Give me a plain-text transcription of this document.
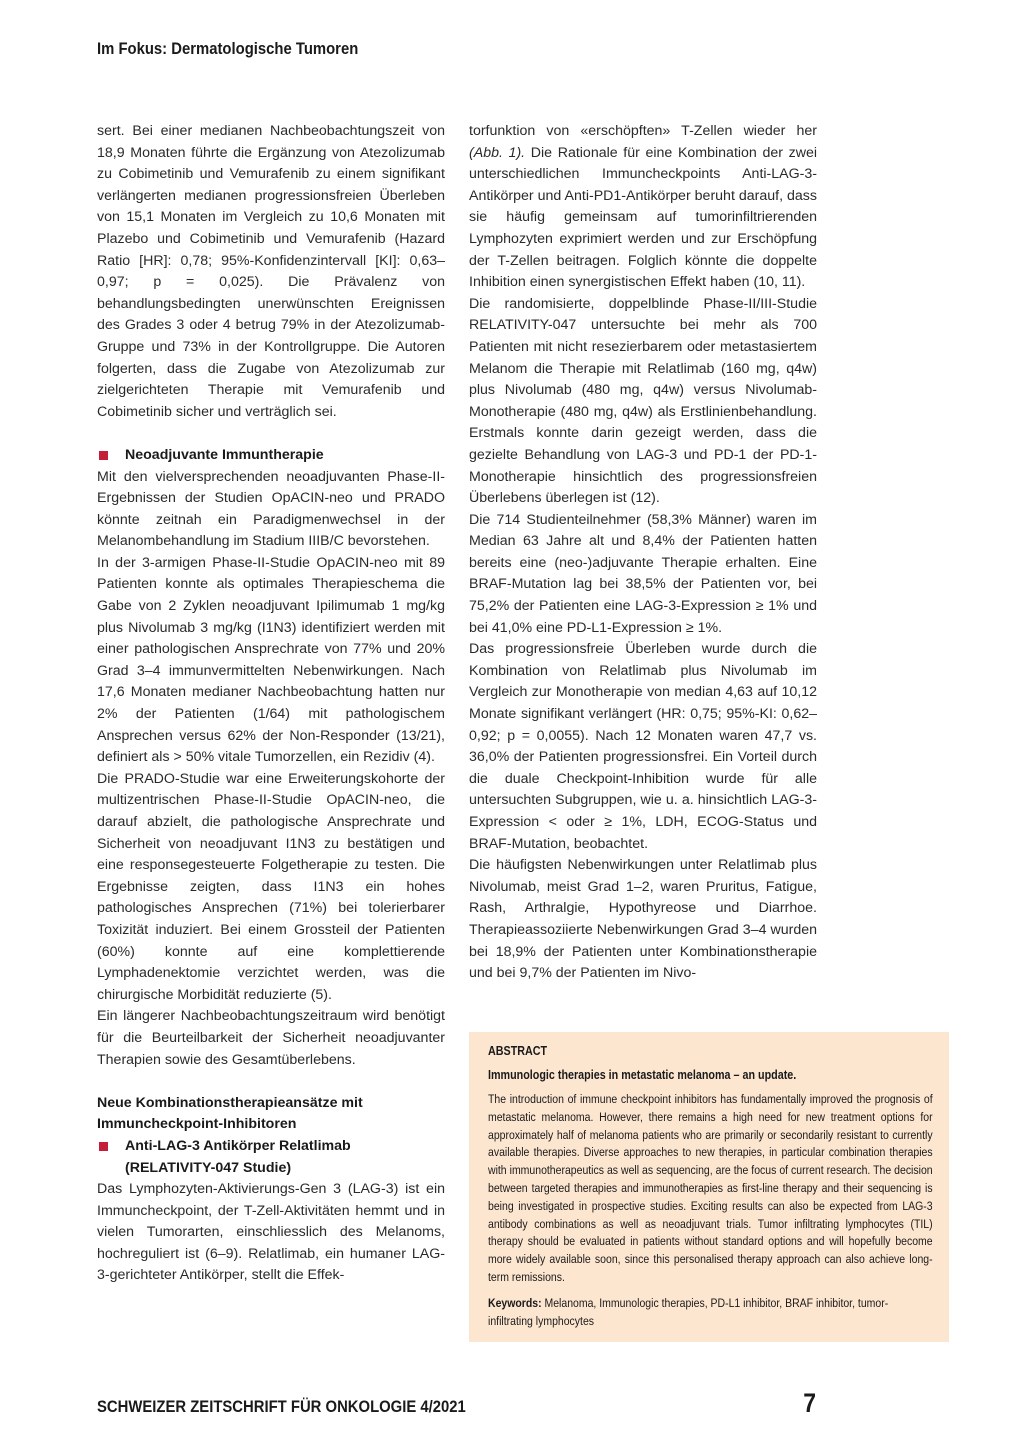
Im Fokus: Dermatologische Tumoren

sert. Bei einer medianen Nachbeobachtungszeit von 18,9 Monaten führte die Ergänzung von Atezolizumab zu Cobimetinib und Vemurafenib zu einem signifikant verlängerten medianen progressionsfreien Überleben von 15,1 Monaten im Vergleich zu 10,6 Monaten mit Plazebo und Cobimetinib und Vemurafenib (Hazard Ratio [HR]: 0,78; 95%-Konfidenzintervall [KI]: 0,63–0,97; p = 0,025). Die Prävalenz von behandlungsbedingten unerwünschten Ereignissen des Grades 3 oder 4 betrug 79% in der Atezolizumab-Gruppe und 73% in der Kontrollgruppe. Die Autoren folgerten, dass die Zugabe von Atezolizumab zur zielgerichteten Therapie mit Vemurafenib und Cobimetinib sicher und verträglich sei.

Neoadjuvante Immuntherapie

Mit den vielversprechenden neoadjuvanten Phase-II-Ergebnissen der Studien OpACIN-neo und PRADO könnte zeitnah ein Paradigmenwechsel in der Melanombehandlung im Stadium IIIB/C bevorstehen.

In der 3-armigen Phase-II-Studie OpACIN-neo mit 89 Patienten konnte als optimales Therapieschema die Gabe von 2 Zyklen neoadjuvant Ipilimumab 1 mg/kg plus Nivolumab 3 mg/kg (I1N3) identifiziert werden mit einer pathologischen Ansprechrate von 77% und 20% Grad 3–4 immunvermittelten Nebenwirkungen. Nach 17,6 Monaten medianer Nachbeobachtung hatten nur 2% der Patienten (1/64) mit pathologischem Ansprechen versus 62% der Non-Responder (13/21), definiert als > 50% vitale Tumorzellen, ein Rezidiv (4).

Die PRADO-Studie war eine Erweiterungskohorte der multizentrischen Phase-II-Studie OpACIN-neo, die darauf abzielt, die pathologische Ansprechrate und Sicherheit von neoadjuvant I1N3 zu bestätigen und eine responsegesteuerte Folgetherapie zu testen. Die Ergebnisse zeigten, dass I1N3 ein hohes pathologisches Ansprechen (71%) bei tolerierbarer Toxizität induziert. Bei einem Grossteil der Patienten (60%) konnte auf eine komplettierende Lymphadenektomie verzichtet werden, was die chirurgische Morbidität reduzierte (5).

Ein längerer Nachbeobachtungszeitraum wird benötigt für die Beurteilbarkeit der Sicherheit neoadjuvanter Therapien sowie des Gesamtüberlebens.

Neue Kombinationstherapieansätze mit Immuncheckpoint-Inhibitoren
Anti-LAG-3 Antikörper Relatlimab
(RELATIVITY-047 Studie)

Das Lymphozyten-Aktivierungs-Gen 3 (LAG-3) ist ein Immuncheckpoint, der T-Zell-Aktivitäten hemmt und in vielen Tumorarten, einschliesslich des Melanoms, hochreguliert ist (6–9). Relatlimab, ein humaner LAG-3-gerichteter Antikörper, stellt die Effek-

torfunktion von «erschöpften» T-Zellen wieder her (Abb. 1). Die Rationale für eine Kombination der zwei unterschiedlichen Immuncheckpoints Anti-LAG-3-Antikörper und Anti-PD1-Antikörper beruht darauf, dass sie häufig gemeinsam auf tumorinfiltrierenden Lymphozyten exprimiert werden und zur Erschöpfung der T-Zellen beitragen. Folglich könnte die doppelte Inhibition einen synergistischen Effekt haben (10, 11).

Die randomisierte, doppelblinde Phase-II/III-Studie RELATIVITY-047 untersuchte bei mehr als 700 Patienten mit nicht resezierbarem oder metastasiertem Melanom die Therapie mit Relatlimab (160 mg, q4w) plus Nivolumab (480 mg, q4w) versus Nivolumab-Monotherapie (480 mg, q4w) als Erstlinienbehandlung. Erstmals konnte darin gezeigt werden, dass die gezielte Behandlung von LAG-3 und PD-1 der PD-1-Monotherapie hinsichtlich des progressionsfreien Überlebens überlegen ist (12).

Die 714 Studienteilnehmer (58,3% Männer) waren im Median 63 Jahre alt und 8,4% der Patienten hatten bereits eine (neo-)adjuvante Therapie erhalten. Eine BRAF-Mutation lag bei 38,5% der Patienten vor, bei 75,2% der Patienten eine LAG-3-Expression ≥ 1% und bei 41,0% eine PD-L1-Expression ≥ 1%.

Das progressionsfreie Überleben wurde durch die Kombination von Relatlimab plus Nivolumab im Vergleich zur Monotherapie von median 4,63 auf 10,12 Monate signifikant verlängert (HR: 0,75; 95%-KI: 0,62–0,92; p = 0,0055). Nach 12 Monaten waren 47,7 vs. 36,0% der Patienten progressionsfrei. Ein Vorteil durch die duale Checkpoint-Inhibition wurde für alle untersuchten Subgruppen, wie u. a. hinsichtlich LAG-3-Expression < oder ≥ 1%, LDH, ECOG-Status und BRAF-Mutation, beobachtet.

Die häufigsten Nebenwirkungen unter Relatlimab plus Nivolumab, meist Grad 1–2, waren Pruritus, Fatigue, Rash, Arthralgie, Hypothyreose und Diarrhoe. Therapieassoziierte Nebenwirkungen Grad 3–4 wurden bei 18,9% der Patienten unter Kombinationstherapie und bei 9,7% der Patienten im Nivo-

ABSTRACT
Immunologic therapies in metastatic melanoma – an update.

The introduction of immune checkpoint inhibitors has fundamentally improved the prognosis of metastatic melanoma. However, there remains a high need for new treatment options for approximately half of melanoma patients who are primarily or secondarily resistant to currently available therapies. Diverse approaches to new therapies, in particular combination therapies with immunotherapeutics as well as sequencing, are the focus of current research. The decision between targeted therapies and immunotherapies as first-line therapy and their sequencing is being investigated in prospective studies. Exciting results can also be expected from LAG-3 antibody combinations as well as neoadjuvant trials. Tumor infiltrating lymphocytes (TIL) therapy should be evaluated in patients without standard options and will hopefully become more widely available soon, since this personalised therapy approach can also achieve long-term remissions.

Keywords: Melanoma, Immunologic therapies, PD-L1 inhibitor, BRAF inhibitor, tumor-infiltrating lymphocytes

SCHWEIZER ZEITSCHRIFT FÜR ONKOLOGIE 4/2021	7
